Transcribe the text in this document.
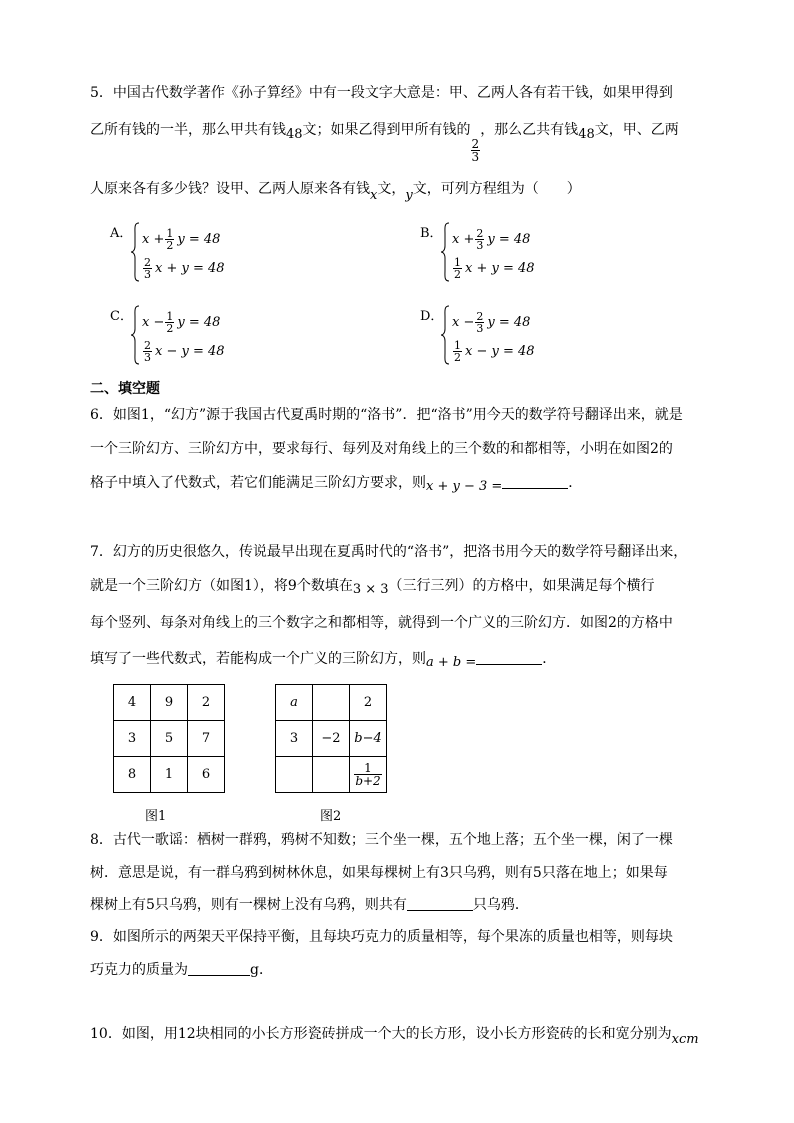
5．中国古代数学著作《孙子算经》中有一段文字大意是：甲、乙两人各有若干钱，如果甲得到
乙所有钱的一半，那么甲共有钱48文；如果乙得到甲所有钱的
$\frac{2}{3}$
，那么乙共有钱48文，甲、乙两
人原来各有多少钱？设甲、乙两人原来各有钱x文，y文，可列方程组为（　　）
A． $x + \frac{1}{2}$ y = 48
$\frac{2}{3}$ x + y = 48
B． $x + \frac{2}{3}$ y = 48
$\frac{1}{2}$ x + y = 48
C． $x - \frac{1}{2}$ y = 48
$\frac{2}{3}$ x − y = 48
D． $x - \frac{2}{3}$ y = 48
$\frac{1}{2}$ x − y = 48
二、填空题
6．如图1，“幻方”源于我国古代夏禹时期的“洛书”．把“洛书”用今天的数学符号翻译出来，就是
一个三阶幻方、三阶幻方中，要求每行、每列及对角线上的三个数的和都相等，小明在如图2的
格子中填入了代数式，若它们能满足三阶幻方要求，则x + y − 3 =	．
7．幻方的历史很悠久，传说最早出现在夏禹时代的“洛书”，把洛书用今天的数学符号翻译出来，
就是一个三阶幻方（如图1），将9个数填在3 × 3（三行三列）的方格中，如果满足每个横行
每个竖列、每条对角线上的三个数字之和都相等，就得到一个广义的三阶幻方．如图2的方格中
填写了一些代数式，若能构成一个广义的三阶幻方，则a + b =	．
4	9	2
3	5	7
8	1	6
图1
a		2
3	−2	b−4

		$\frac{1}{b+2}$
图2
8．古代一歌谣：栖树一群鸦，鸦树不知数；三个坐一棵，五个地上落；五个坐一棵，闲了一棵
树．意思是说，有一群乌鸦到树林休息，如果每棵树上有3只乌鸦，则有5只落在地上；如果每
棵树上有5只乌鸦，则有一棵树上没有乌鸦，则共有	只乌鸦．
9．如图所示的两架天平保持平衡，且每块巧克力的质量相等，每个果冻的质量也相等，则每块
巧克力的质量为	g．
10．如图，用12块相同的小长方形瓷砖拼成一个大的长方形，设小长方形瓷砖的长和宽分别为xcm
